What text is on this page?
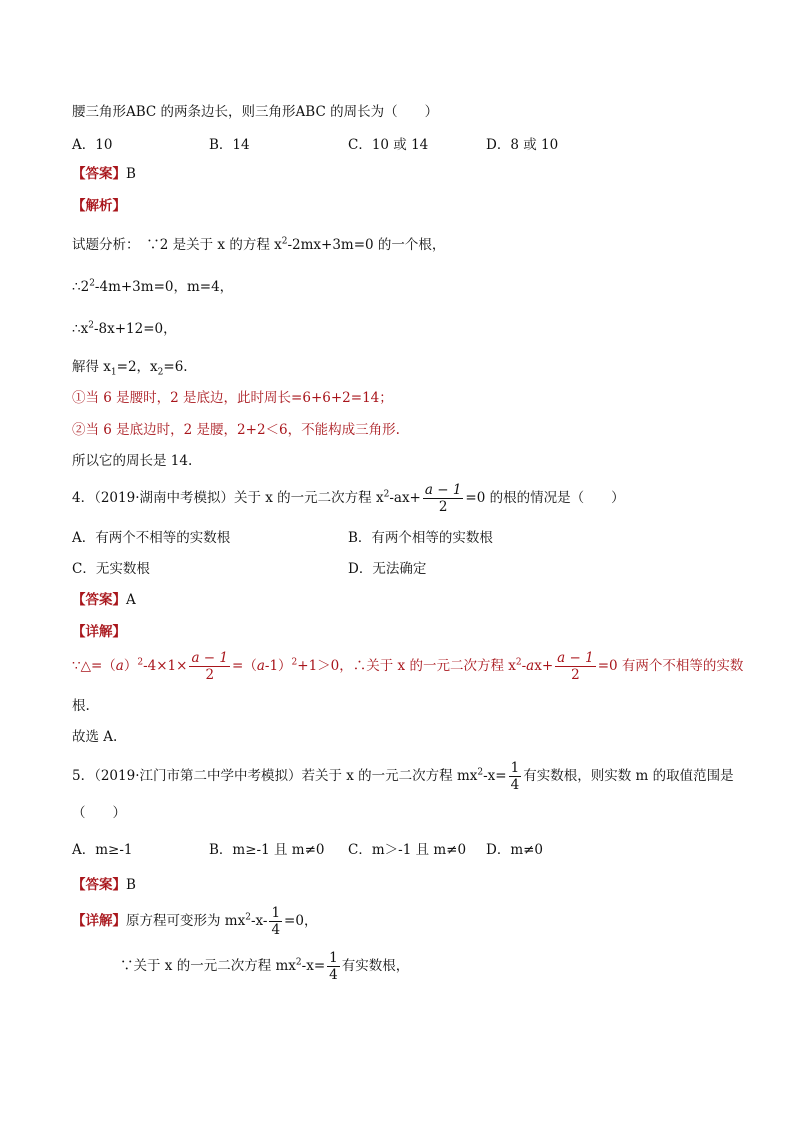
腰三角形ABC 的两条边长，则三角形ABC 的周长为（　　）
A．10	B．14	C．10 或 14	D．8 或 10
【答案】B
【解析】
试题分析：　 ∵2 是关于 x 的方程 $x^2-2mx+3m=0$ 的一个根，
$\therefore 2^2-4m+3m=0$，m=4，
$\therefore x^2-8x+12=0$，
解得 $x_1=2$，$x_2=6$.
①当 6 是腰时，2 是底边，此时周长=6+6+2=14；
②当 6 是底边时，2 是腰，2+2＜6，不能构成三角形.
所以它的周长是 14.
4．（2019·湖南中考模拟）关于 x 的一元二次方程 $x^2-ax+ \frac{a - 1}{2} =0$ 的根的情况是（　　）
A．有两个不相等的实数根	B．有两个相等的实数根
C．无实数根	D．无法确定
【答案】A
【详解】
$\because\triangle=(a)^2-4\times 1\times \frac{a - 1}{2} =(a-1)^2+1>0$，∴关于 x 的一元二次方程 $x^2-ax+ \frac{a - 1}{2} =0$ 有两个不相等的实数
根.
故选 A.
5．（2019·江门市第二中学中考模拟）若关于 x 的一元二次方程 $mx^2-x= \frac{1}{4}$ 有实数根，则实数 m 的取值范围是
（　　）
A．m≥-1	B．m≥-1 且 m≠0 C．m＞-1 且 m≠0 D．m≠0
【答案】B
【详解】原方程可变形为 $mx^2-x- \frac{1}{4} =0$，
∵关于 x 的一元二次方程 $mx^2-x= \frac{1}{4}$ 有实数根，
